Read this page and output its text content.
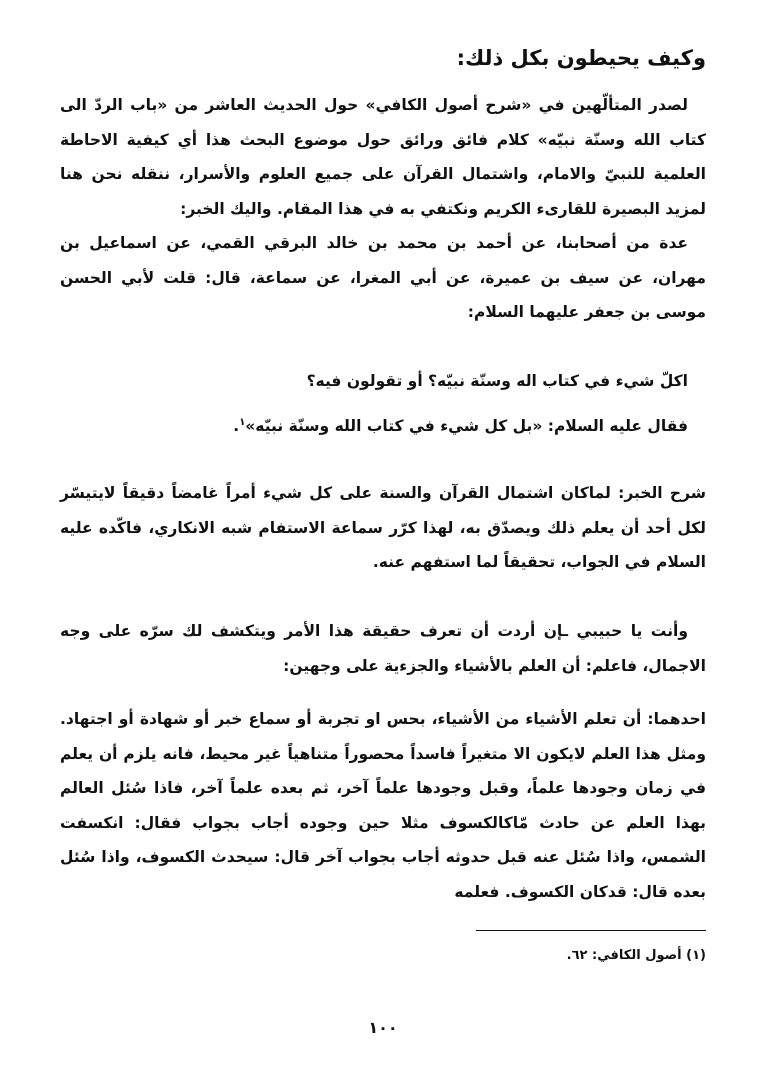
وكيف يحيطون بكل ذلك:

لصدر المتألّهين في «شرح أصول الكافي» حول الحديث العاشر من «باب الردّ الى كتاب الله وسنّة نبيّه» كلام فائق ورائق حول موضوع البحث هذا أي كيفية الاحاطة العلمية للنبيّ والامام، واشتمال القرآن على جميع العلوم والأسرار، ننقله نحن هنا لمزيد البصيرة للقارىء الكريم ونكتفي به في هذا المقام. واليك الخبر:

عدة من أصحابنا، عن أحمد بن محمد بن خالد البرقي القمي، عن اسماعيل بن مهران، عن سيف بن عميرة، عن أبي المغرا، عن سماعة، قال: قلت لأبي الحسن موسى بن جعفر عليهما السلام:

اكلّ شيء في كتاب اله وسنّة نبيّه؟ أو تقولون فيه؟

فقال عليه السلام: «بل كل شيء في كتاب الله وسنّة نبيّه»$^١$.

شرح الخبر: لماكان اشتمال القرآن والسنة على كل شيء أمراً غامضاً دقيقاً لايتيسّر لكل أحد أن يعلم ذلك ويصدّق به، لهذا كرّر سماعة الاستفام شبه الانكاري، فاكّده عليه السلام في الجواب، تحقيقاً لما استفهم عنه.

وأنت يا حبيبي ـإن أردت أن تعرف حقيقة هذا الأمر ويتكشف لك سرّه على وجه الاجمال، فاعلم: أن العلم بالأشياء والجزءية على وجهين:

احدهما: أن تعلم الأشياء من الأشياء، بحس او تجربة أو سماع خبر أو شهادة أو اجتهاد. ومثل هذا العلم لايكون الا متغيراً فاسداً محصوراً متناهياً غير محيط، فانه يلزم أن يعلم في زمان وجودها علماً، وقبل وجودها علماً آخر، ثم بعده علماً آخر، فاذا سُئل العالم بهذا العلم عن حادث مّاكالكسوف مثلا حين وجوده أجاب بجواب فقال: انكسفت الشمس، واذا سُئل عنه قبل حدوثه أجاب بجواب آخر قال: سيحدث الكسوف، واذا سُئل بعده قال: قدكان الكسوف. فعلمه

(١) أصول الكافي: ٦٢.
١٠٠
